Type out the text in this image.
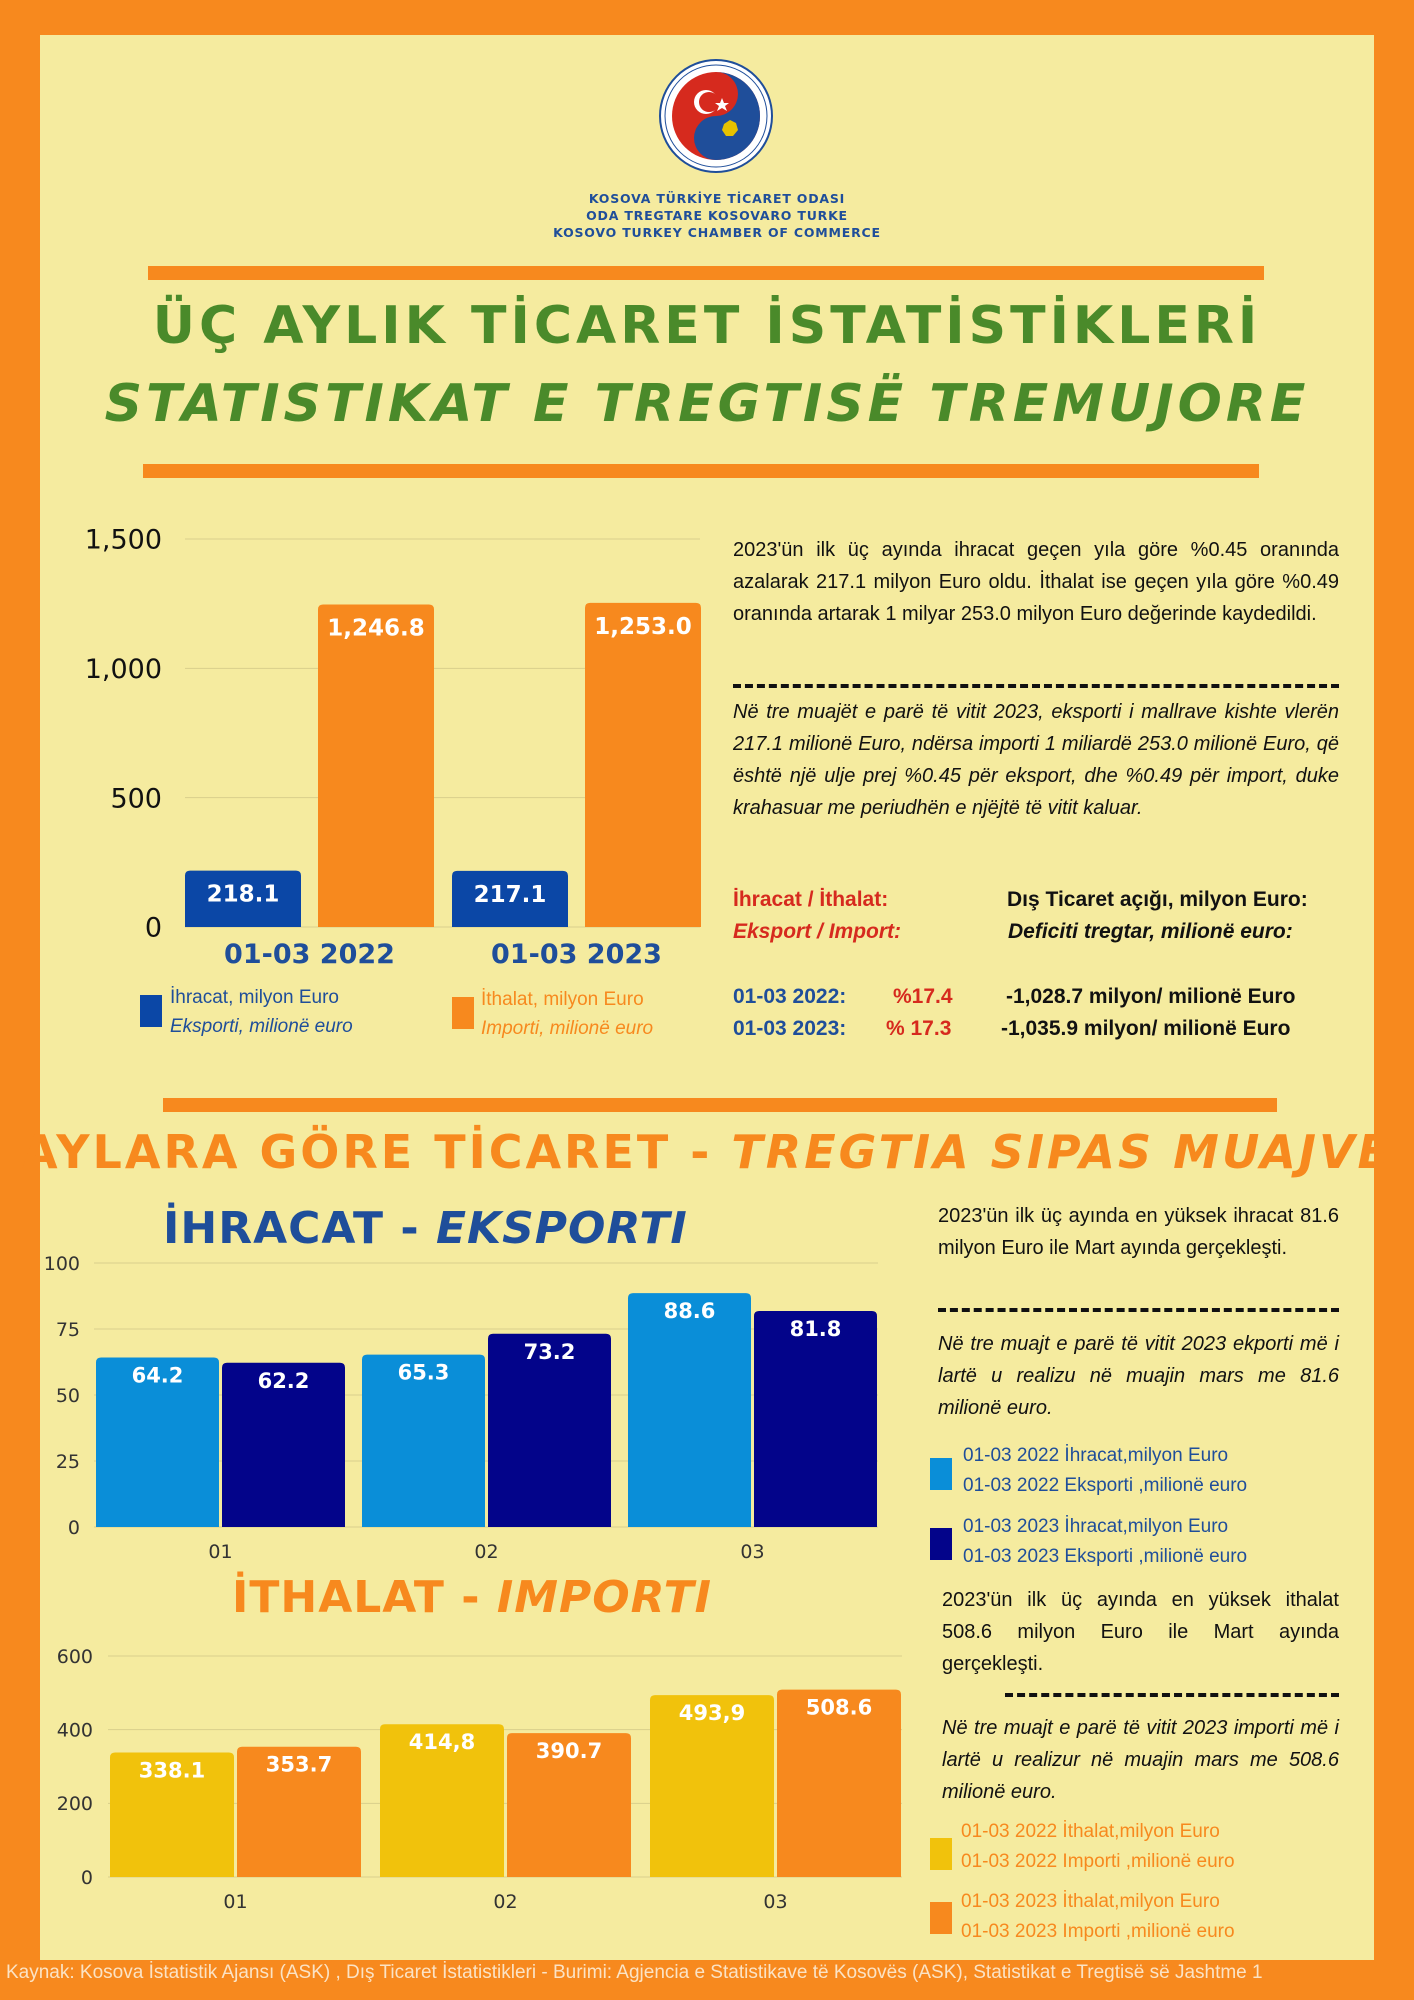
KOSOVA TÜRKİYE TİCARET ODASI
ODA TREGTARE KOSOVARO TURKE
KOSOVO TURKEY CHAMBER OF COMMERCE
ÜÇ AYLIK TİCARET İSTATİSTİKLERİ
STATISTIKAT E TREGTISË TREMUJORE
0
500
1,000
1,500
218.1
1,246.8
01-03 2022
217.1
1,253.0
01-03 2023
İhracat, milyon Euro
Eksporti, milionë euro
İthalat, milyon Euro
Importi, milionë euro
2023'ün ilk üç ayında ihracat geçen yıla göre %0.45 oranında azalarak 217.1 milyon Euro oldu. İthalat ise geçen yıla göre %0.49 oranında artarak 1 milyar 253.0 milyon Euro değerinde kaydedildi.
Në tre muajët e parë të vitit 2023, eksporti i mallrave kishte vlerën 217.1 milionë Euro, ndërsa importi 1 miliardë 253.0 milionë Euro, që është një ulje prej %0.45 për eksport, dhe %0.49 për import, duke krahasuar me periudhën e njëjtë të vitit kaluar.
İhracat / İthalat:
Eksport / Import:
Dış Ticaret açığı, milyon Euro:
Deficiti tregtar, milionë euro:
01-03 2022: %17.4	-1,028.7 milyon/ milionë Euro
01-03 2023: % 17.3 -1,035.9 milyon/ milionë Euro
AYLARA GÖRE TİCARET - TREGTIA SIPAS MUAJVE
İHRACAT - EKSPORTI
0
25
50
75
100
64.2	62.2
01
65.3
73.2
02
88.6
81.8
03
İTHALAT - IMPORTI
0
200
400
600
338.1	353.7
01
414,8	390.7
02
493,9	508.6
03
2023'ün ilk üç ayında en yüksek ihracat 81.6 milyon Euro ile Mart ayında gerçekleşti.
Në tre muajt e parë të vitit 2023 ekporti më i lartë u realizu në muajin mars me 81.6 milionë euro.
01-03 2022 İhracat,milyon Euro
01-03 2022 Eksporti ,milionë euro
01-03 2023 İhracat,milyon Euro
01-03 2023 Eksporti ,milionë euro
2023'ün ilk üç ayında en yüksek ithalat 508.6 milyon Euro ile Mart ayında gerçekleşti.
Në tre muajt e parë të vitit 2023 importi më i lartë u realizur në muajin mars me 508.6 milionë euro.
01-03 2022 İthalat,milyon Euro
01-03 2022 Importi ,milionë euro
01-03 2023 İthalat,milyon Euro
01-03 2023 Importi ,milionë euro
Kaynak: Kosova İstatistik Ajansı (ASK) , Dış Ticaret İstatistikleri - Burimi: Agjencia e Statistikave të Kosovës (ASK), Statistikat e Tregtisë së Jashtme 1
